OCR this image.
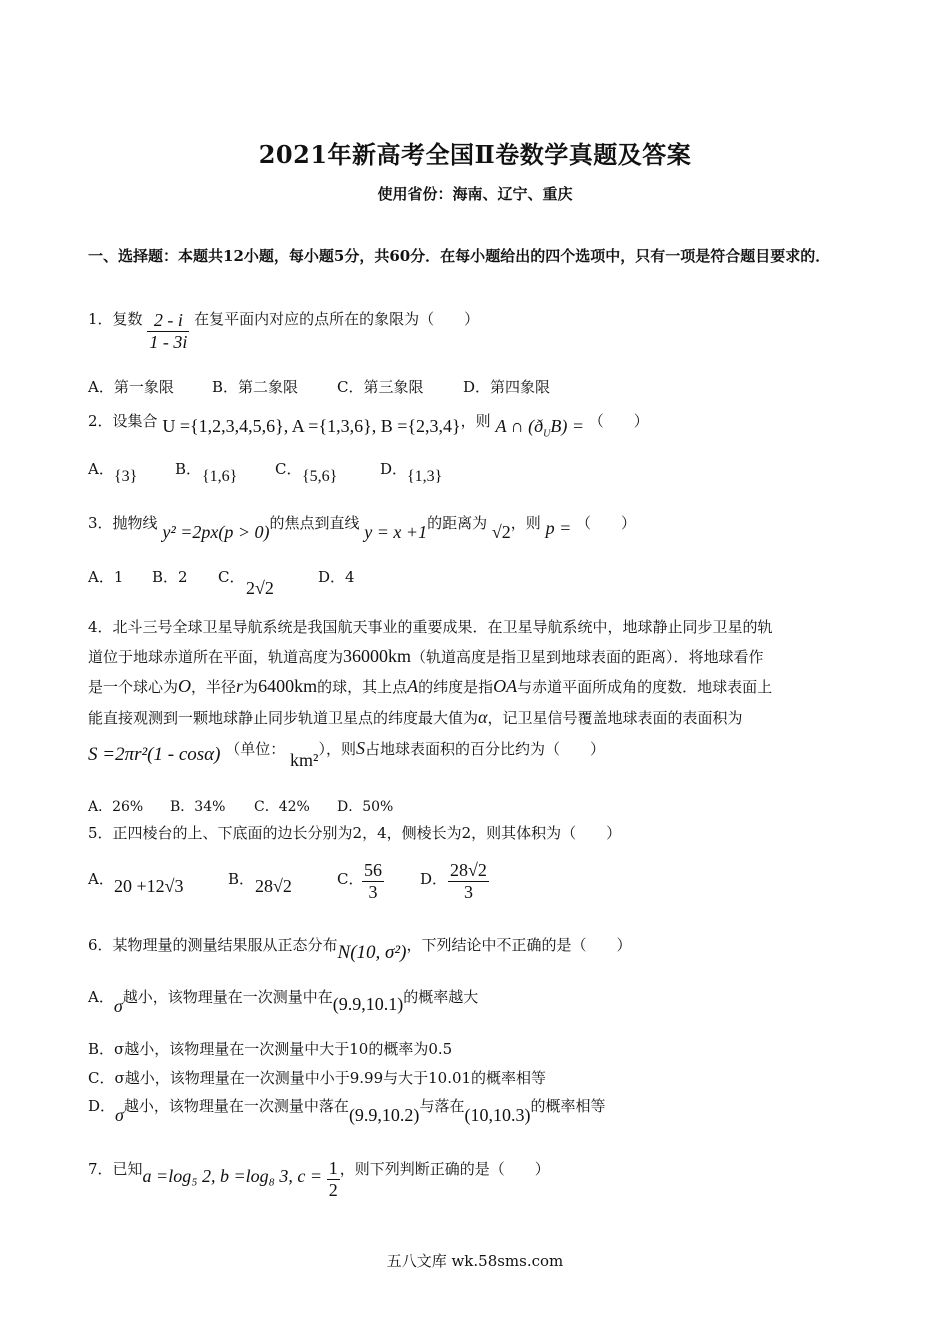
2021年新高考全国Ⅱ卷数学真题及答案
使用省份：海南、辽宁、重庆
一、选择题：本题共12小题，每小题5分，共60分．在每小题给出的四个选项中，只有一项是符合题目要求的．
1．复数 $\frac{2 - i}{1 - 3i}$ 在复平面内对应的点所在的象限为（　　）
A．第一象限	B．第二象限	C．第三象限	D．第四象限
2．设集合 U ={1,2,3,4,5,6}, A ={1,3,6}, B ={2,3,4}，则 A ∩ $(ð_UB)$ = （　　）
A． {3}	B． {1,6}	C． {5,6}	D． {1,3}
3．抛物线 y² =2px(p > 0)的焦点到直线 y = x +1的距离为 √2，则 p = （　　）
A．1 B．2 C．
2√2
D．4
4．北斗三号全球卫星导航系统是我国航天事业的重要成果．在卫星导航系统中，地球静止同步卫星的轨
道位于地球赤道所在平面，轨道高度为36000km（轨道高度是指卫星到地球表面的距离）．将地球看作
是一个球心为O，半径r为6400km的球，其上点A的纬度是指OA与赤道平面所成角的度数．地球表面上
能直接观测到一颗地球静止同步轨道卫星点的纬度最大值为α，记卫星信号覆盖地球表面的表面积为
S =2πr²(1 - cosα) （单位： km²），则S占地球表面积的百分比约为（　　）
A．26% B．34% C．42% D．50%
5．正四棱台的上、下底面的边长分别为2，4，侧棱长为2，则其体积为（　　）
A． 20 +12√3	B． 28√2	C．
$\frac{56}{3}$ D． $\frac{28√2}{3}$
6．某物理量的测量结果服从正态分布N(10, σ²)，下列结论中不正确的是（　　）
A．σ越小，该物理量在一次测量中在(9.9,10.1)的概率越大
B．σ越小，该物理量在一次测量中大于10的概率为0.5
C．σ越小，该物理量在一次测量中小于9.99与大于10.01的概率相等
D．σ越小，该物理量在一次测量中落在(9.9,10.2)与落在(10,10.3)的概率相等
7．已知a =log₅ 2, b =log₈ 3, $c = \frac{1}{2}$ ，则下列判断正确的是（　　）
五八文库 wk.58sms.com
